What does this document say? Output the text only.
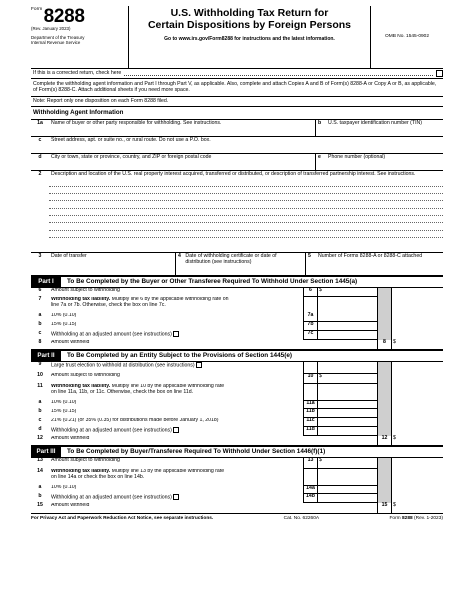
Form 8288
(Rev. January 2023)
Department of the Treasury
Internal Revenue Service
U.S. Withholding Tax Return for
Certain Dispositions by Foreign Persons
Go to www.irs.gov/Form8288 for instructions and the latest information.	OMB No. 1545-0902
If this is a corrected return, check here
Complete the withholding agent information and Part I through Part V, as applicable. Also, complete and attach Copies A and B of Form(s) 8288-A or Copy A or B, as applicable, of Form(s) 8288-C. Attach additional sheets if you need more space.
Note: Report only one disposition on each Form 8288 filed.
Withholding Agent Information
1a	Name of buyer or other party responsible for withholding. See instructions.	b	U.S. taxpayer identification number (TIN)
c	Street address, apt. or suite no., or rural route. Do not use a P.O. box.
d	City or town, state or province, country, and ZIP or foreign postal code	e	Phone number (optional)
2	Description and location of the U.S. real property interest acquired, transferred or distributed, or description of transferred partnership interest. See instructions.
3	Date of transfer	4 Date of withholding certificate or date of distribution (see instructions)
5	Number of Forms 8288-A or 8288-C attached
Part I	To Be Completed by the Buyer or Other Transferee Required To Withhold Under Section 1445(a)
6	Amount subject to withholding	6	$
7	Withholding tax liability. Multiply line 6 by the applicable withholding rate on
line 7a or 7b. Otherwise, check the box on line 7c.
a	10% (0.10)	7a
b	15% (0.15)	7b
c	Withholding at an adjusted amount (see instructions)	7c
8	Amount withheld	8	$
Part II	To Be Completed by an Entity Subject to the Provisions of Section 1445(e)
9	Large trust election to withhold at distribution (see instructions)
10	Amount subject to withholding	10	$
11	Withholding tax liability. Multiply line 10 by the applicable withholding rate
on line 11a, 11b, or 11c. Otherwise, check the box on line 11d.
a	10% (0.10)	11a
b	15% (0.15)	11b
c	21% (0.21) (or 35% (0.35) for distributions made before January 1, 2018)	11c
d	Withholding at an adjusted amount (see instructions)	11d
12	Amount withheld	12	$
Part III	To Be Completed by Buyer/Transferee Required To Withhold Under Section 1446(f)(1)
13	Amount subject to withholding	13	$
14	Withholding tax liability. Multiply line 13 by the applicable withholding rate
on line 14a or check the box on line 14b.
a	10% (0.10)	14a
b	Withholding at an adjusted amount (see instructions)	14b
15	Amount withheld	15	$
For Privacy Act and Paperwork Reduction Act Notice, see separate instructions.	Cat. No. 62260A	Form 8288 (Rev. 1-2023)
